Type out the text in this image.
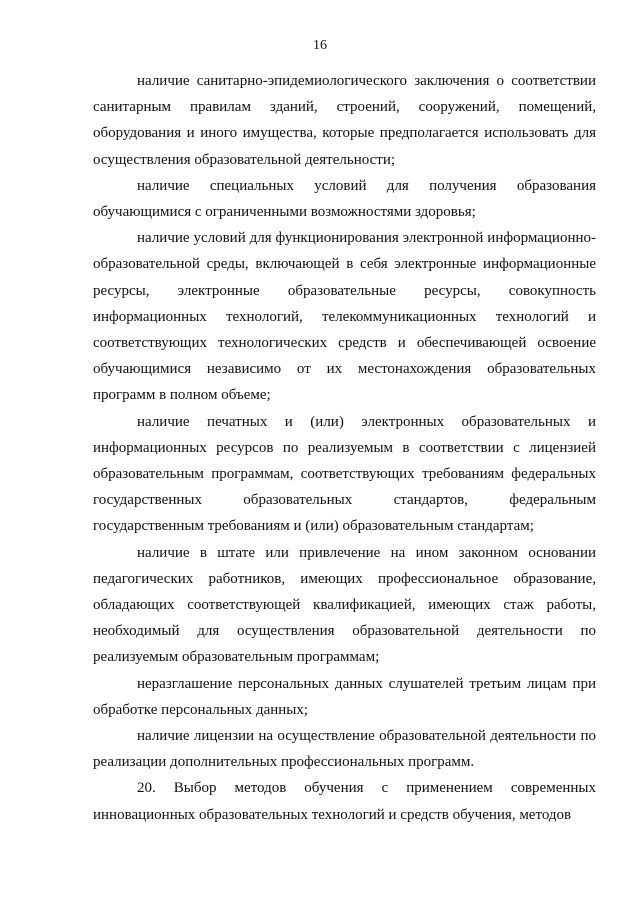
16

наличие санитарно-эпидемиологического заключения о соответствии санитарным правилам зданий, строений, сооружений, помещений, оборудования и иного имущества, которые предполагается использовать для осуществления образовательной деятельности;

наличие специальных условий для получения образования обучающимися с ограниченными возможностями здоровья;

наличие условий для функционирования электронной информационно-образовательной среды, включающей в себя электронные информационные ресурсы, электронные образовательные ресурсы, совокупность информационных технологий, телекоммуникационных технологий и соответствующих технологических средств и обеспечивающей освоение обучающимися независимо от их местонахождения образовательных программ в полном объеме;

наличие печатных и (или) электронных образовательных и информационных ресурсов по реализуемым в соответствии с лицензией образовательным программам, соответствующих требованиям федеральных государственных образовательных стандартов, федеральным государственным требованиям и (или) образовательным стандартам;

наличие в штате или привлечение на ином законном основании педагогических работников, имеющих профессиональное образование, обладающих соответствующей квалификацией, имеющих стаж работы, необходимый для осуществления образовательной деятельности по реализуемым образовательным программам;

неразглашение персональных данных слушателей третьим лицам при обработке персональных данных;

наличие лицензии на осуществление образовательной деятельности по реализации дополнительных профессиональных программ.

20. Выбор методов обучения с применением современных инновационных образовательных технологий и средств обучения, методов
